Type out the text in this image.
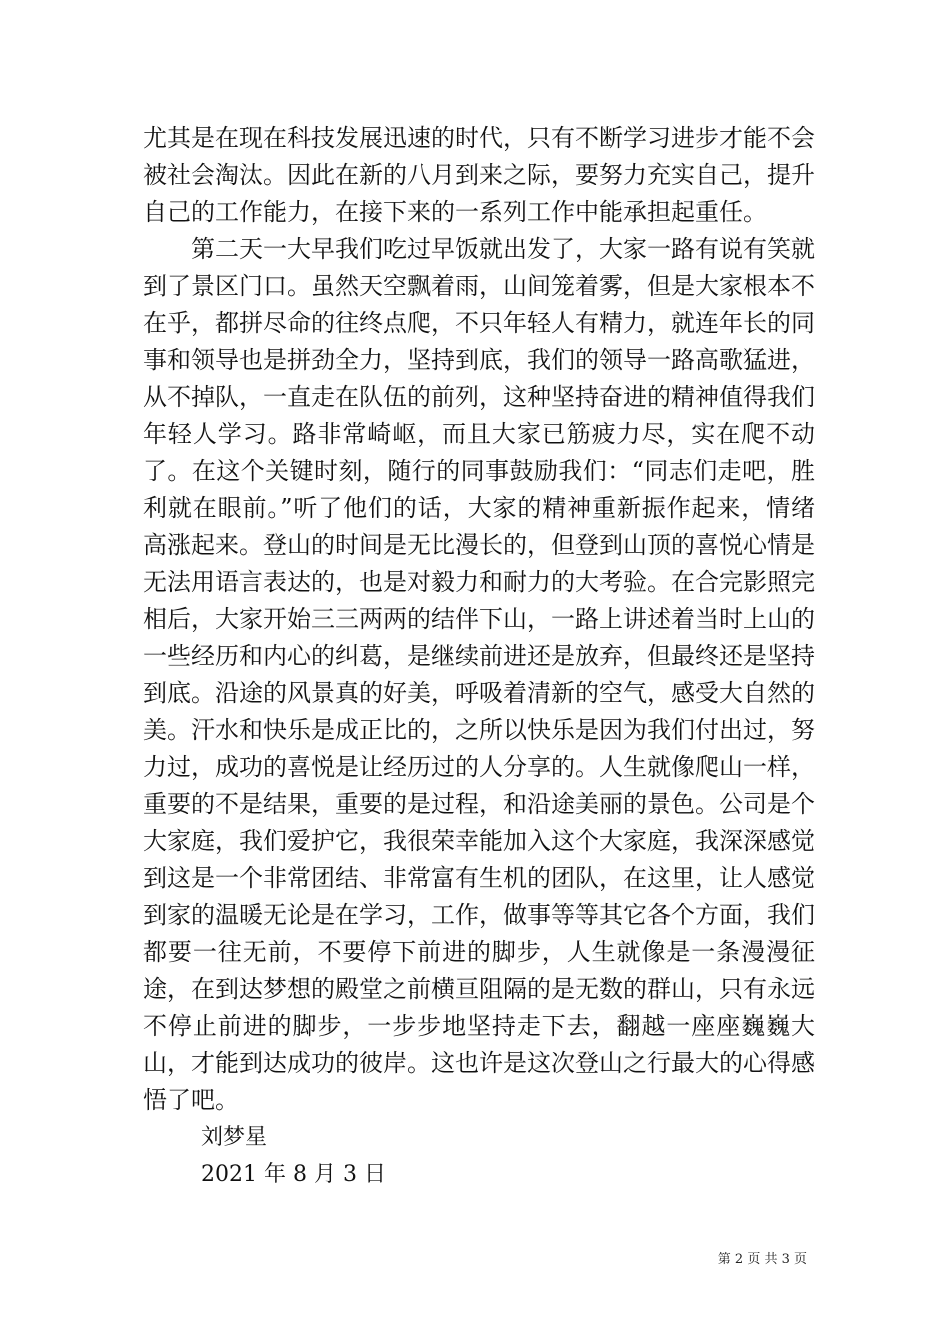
尤其是在现在科技发展迅速的时代，只有不断学习进步才能不会被社会淘汰。因此在新的八月到来之际，要努力充实自己，提升自己的工作能力，在接下来的一系列工作中能承担起重任。

第二天一大早我们吃过早饭就出发了，大家一路有说有笑就到了景区门口。虽然天空飘着雨，山间笼着雾，但是大家根本不在乎，都拼尽命的往终点爬，不只年轻人有精力，就连年长的同事和领导也是拼劲全力，坚持到底，我们的领导一路高歌猛进，从不掉队，一直走在队伍的前列，这种坚持奋进的精神值得我们年轻人学习。路非常崎岖，而且大家已筋疲力尽，实在爬不动了。在这个关键时刻，随行的同事鼓励我们：“同志们走吧，胜利就在眼前。”听了他们的话，大家的精神重新振作起来，情绪高涨起来。登山的时间是无比漫长的，但登到山顶的喜悦心情是无法用语言表达的，也是对毅力和耐力的大考验。在合完影照完相后，大家开始三三两两的结伴下山，一路上讲述着当时上山的一些经历和内心的纠葛，是继续前进还是放弃，但最终还是坚持到底。沿途的风景真的好美，呼吸着清新的空气，感受大自然的美。汗水和快乐是成正比的，之所以快乐是因为我们付出过，努力过，成功的喜悦是让经历过的人分享的。人生就像爬山一样，重要的不是结果，重要的是过程，和沿途美丽的景色。公司是个大家庭，我们爱护它，我很荣幸能加入这个大家庭，我深深感觉到这是一个非常团结、非常富有生机的团队，在这里，让人感觉到家的温暖无论是在学习，工作，做事等等其它各个方面，我们都要一往无前，不要停下前进的脚步，人生就像是一条漫漫征途，在到达梦想的殿堂之前横亘阻隔的是无数的群山，只有永远不停止前进的脚步，一步步地坚持走下去，翻越一座座巍巍大山，才能到达成功的彼岸。这也许是这次登山之行最大的心得感悟了吧。

刘梦星

2021 年 8 月 3 日

第 2 页 共 3 页
